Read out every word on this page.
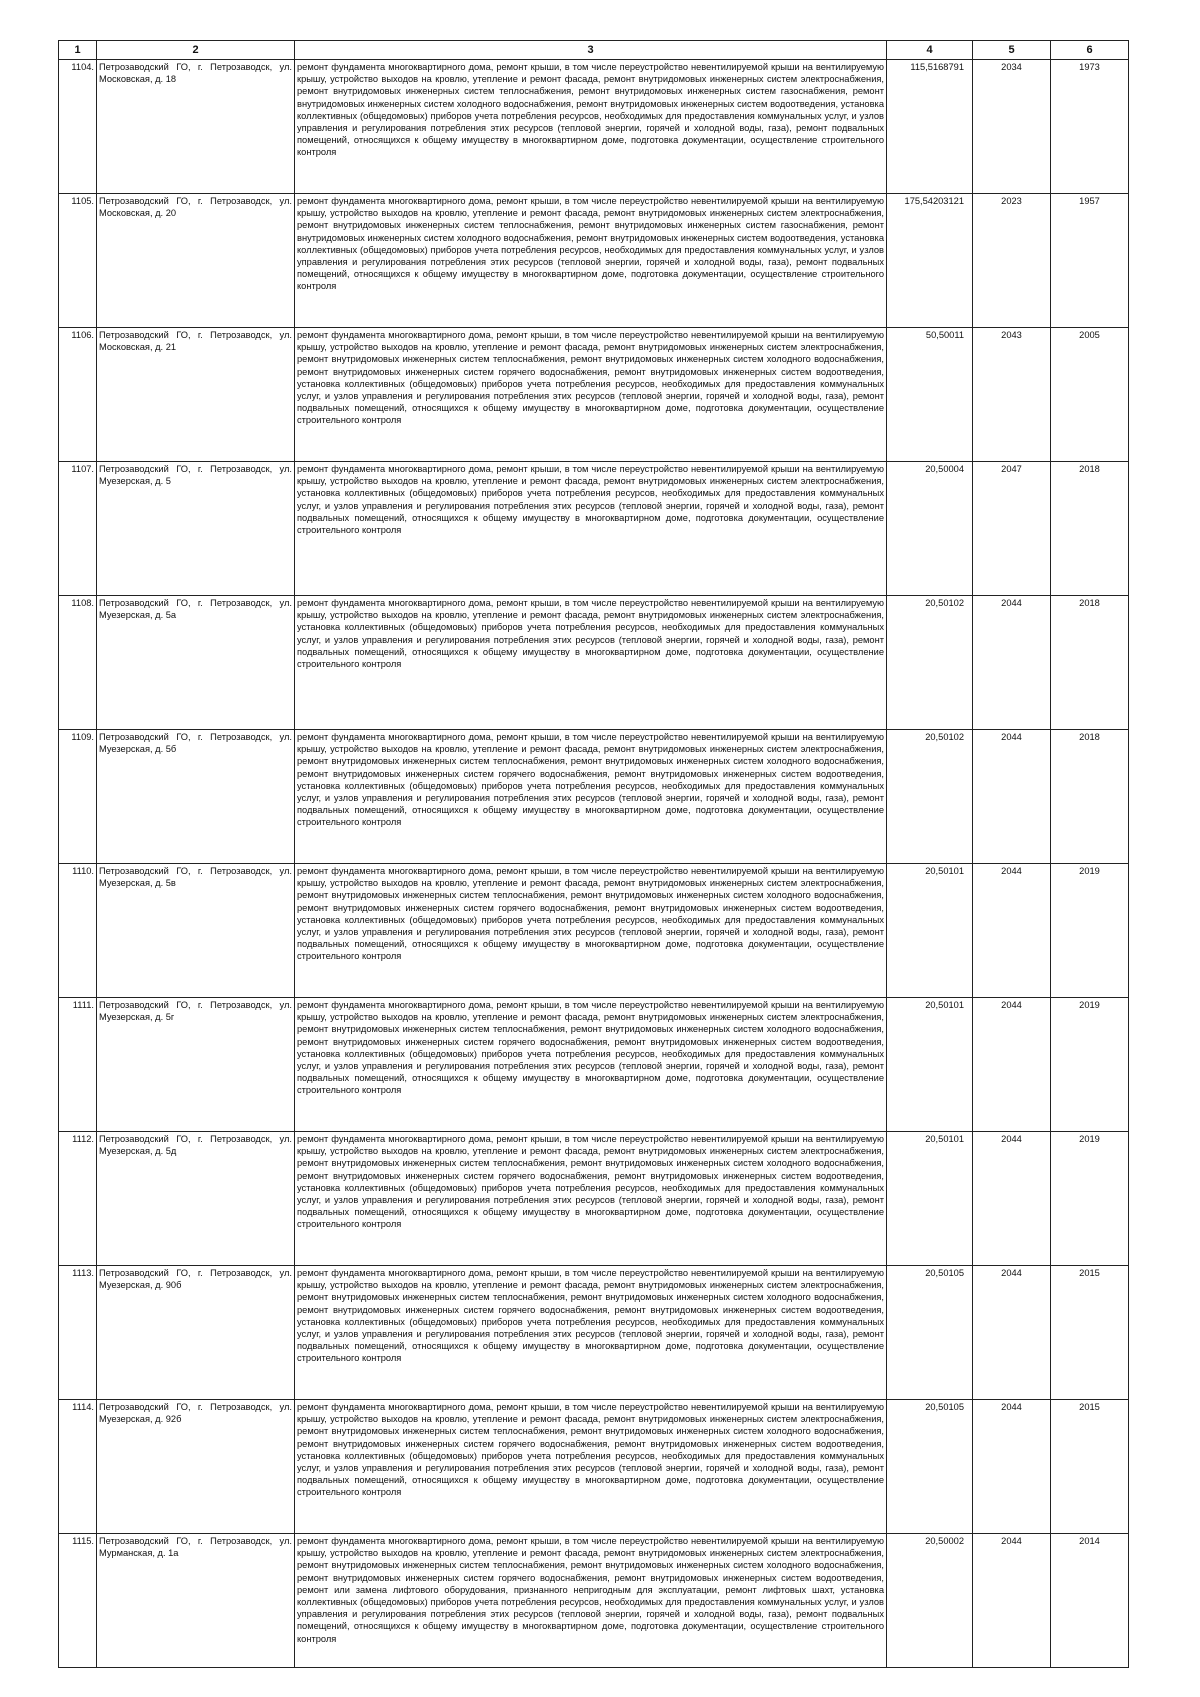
1	2	3	4	5	6
1104.	Петрозаводский ГО, г. Петрозаводск, ул. Московская, д. 18	ремонт фундамента многоквартирного дома, ремонт крыши, в том числе переустройство невентилируемой крыши на вентилируемую крышу, устройство выходов на кровлю, утепление и ремонт фасада, ремонт внутридомовых инженерных систем электроснабжения, ремонт внутридомовых инженерных систем теплоснабжения, ремонт внутридомовых инженерных систем газоснабжения, ремонт внутридомовых инженерных систем холодного водоснабжения, ремонт внутридомовых инженерных систем водоотведения, установка коллективных (общедомовых) приборов учета потребления ресурсов, необходимых для предоставления коммунальных услуг, и узлов управления и регулирования потребления этих ресурсов (тепловой энергии, горячей и холодной воды, газа), ремонт подвальных помещений, относящихся к общему имуществу в многоквартирном доме, подготовка документации, осуществление строительного контроля	115,5168791	2034	1973
1105.	Петрозаводский ГО, г. Петрозаводск, ул. Московская, д. 20	ремонт фундамента многоквартирного дома, ремонт крыши, в том числе переустройство невентилируемой крыши на вентилируемую крышу, устройство выходов на кровлю, утепление и ремонт фасада, ремонт внутридомовых инженерных систем электроснабжения, ремонт внутридомовых инженерных систем теплоснабжения, ремонт внутридомовых инженерных систем газоснабжения, ремонт внутридомовых инженерных систем холодного водоснабжения, ремонт внутридомовых инженерных систем водоотведения, установка коллективных (общедомовых) приборов учета потребления ресурсов, необходимых для предоставления коммунальных услуг, и узлов управления и регулирования потребления этих ресурсов (тепловой энергии, горячей и холодной воды, газа), ремонт подвальных помещений, относящихся к общему имуществу в многоквартирном доме, подготовка документации, осуществление строительного контроля	175,54203121	2023	1957
1106.	Петрозаводский ГО, г. Петрозаводск, ул. Московская, д. 21	ремонт фундамента многоквартирного дома, ремонт крыши, в том числе переустройство невентилируемой крыши на вентилируемую крышу, устройство выходов на кровлю, утепление и ремонт фасада, ремонт внутридомовых инженерных систем электроснабжения, ремонт внутридомовых инженерных систем теплоснабжения, ремонт внутридомовых инженерных систем холодного водоснабжения, ремонт внутридомовых инженерных систем горячего водоснабжения, ремонт внутридомовых инженерных систем водоотведения, установка коллективных (общедомовых) приборов учета потребления ресурсов, необходимых для предоставления коммунальных услуг, и узлов управления и регулирования потребления этих ресурсов (тепловой энергии, горячей и холодной воды, газа), ремонт подвальных помещений, относящихся к общему имуществу в многоквартирном доме, подготовка документации, осуществление строительного контроля	50,50011	2043	2005
1107.	Петрозаводский ГО, г. Петрозаводск, ул. Муезерская, д. 5	ремонт фундамента многоквартирного дома, ремонт крыши, в том числе переустройство невентилируемой крыши на вентилируемую крышу, устройство выходов на кровлю, утепление и ремонт фасада, ремонт внутридомовых инженерных систем электроснабжения, установка коллективных (общедомовых) приборов учета потребления ресурсов, необходимых для предоставления коммунальных услуг, и узлов управления и регулирования потребления этих ресурсов (тепловой энергии, горячей и холодной воды, газа), ремонт подвальных помещений, относящихся к общему имуществу в многоквартирном доме, подготовка документации, осуществление строительного контроля	20,50004	2047	2018
1108.	Петрозаводский ГО, г. Петрозаводск, ул. Муезерская, д. 5а	ремонт фундамента многоквартирного дома, ремонт крыши, в том числе переустройство невентилируемой крыши на вентилируемую крышу, устройство выходов на кровлю, утепление и ремонт фасада, ремонт внутридомовых инженерных систем электроснабжения, установка коллективных (общедомовых) приборов учета потребления ресурсов, необходимых для предоставления коммунальных услуг, и узлов управления и регулирования потребления этих ресурсов (тепловой энергии, горячей и холодной воды, газа), ремонт подвальных помещений, относящихся к общему имуществу в многоквартирном доме, подготовка документации, осуществление строительного контроля	20,50102	2044	2018
1109.	Петрозаводский ГО, г. Петрозаводск, ул. Муезерская, д. 5б	ремонт фундамента многоквартирного дома, ремонт крыши, в том числе переустройство невентилируемой крыши на вентилируемую крышу, устройство выходов на кровлю, утепление и ремонт фасада, ремонт внутридомовых инженерных систем электроснабжения, ремонт внутридомовых инженерных систем теплоснабжения, ремонт внутридомовых инженерных систем холодного водоснабжения, ремонт внутридомовых инженерных систем горячего водоснабжения, ремонт внутридомовых инженерных систем водоотведения, установка коллективных (общедомовых) приборов учета потребления ресурсов, необходимых для предоставления коммунальных услуг, и узлов управления и регулирования потребления этих ресурсов (тепловой энергии, горячей и холодной воды, газа), ремонт подвальных помещений, относящихся к общему имуществу в многоквартирном доме, подготовка документации, осуществление строительного контроля	20,50102	2044	2018
1110.	Петрозаводский ГО, г. Петрозаводск, ул. Муезерская, д. 5в	ремонт фундамента многоквартирного дома, ремонт крыши, в том числе переустройство невентилируемой крыши на вентилируемую крышу, устройство выходов на кровлю, утепление и ремонт фасада, ремонт внутридомовых инженерных систем электроснабжения, ремонт внутридомовых инженерных систем теплоснабжения, ремонт внутридомовых инженерных систем холодного водоснабжения, ремонт внутридомовых инженерных систем горячего водоснабжения, ремонт внутридомовых инженерных систем водоотведения, установка коллективных (общедомовых) приборов учета потребления ресурсов, необходимых для предоставления коммунальных услуг, и узлов управления и регулирования потребления этих ресурсов (тепловой энергии, горячей и холодной воды, газа), ремонт подвальных помещений, относящихся к общему имуществу в многоквартирном доме, подготовка документации, осуществление строительного контроля	20,50101	2044	2019
1111.	Петрозаводский ГО, г. Петрозаводск, ул. Муезерская, д. 5г	ремонт фундамента многоквартирного дома, ремонт крыши, в том числе переустройство невентилируемой крыши на вентилируемую крышу, устройство выходов на кровлю, утепление и ремонт фасада, ремонт внутридомовых инженерных систем электроснабжения, ремонт внутридомовых инженерных систем теплоснабжения, ремонт внутридомовых инженерных систем холодного водоснабжения, ремонт внутридомовых инженерных систем горячего водоснабжения, ремонт внутридомовых инженерных систем водоотведения, установка коллективных (общедомовых) приборов учета потребления ресурсов, необходимых для предоставления коммунальных услуг, и узлов управления и регулирования потребления этих ресурсов (тепловой энергии, горячей и холодной воды, газа), ремонт подвальных помещений, относящихся к общему имуществу в многоквартирном доме, подготовка документации, осуществление строительного контроля	20,50101	2044	2019
1112.	Петрозаводский ГО, г. Петрозаводск, ул. Муезерская, д. 5д	ремонт фундамента многоквартирного дома, ремонт крыши, в том числе переустройство невентилируемой крыши на вентилируемую крышу, устройство выходов на кровлю, утепление и ремонт фасада, ремонт внутридомовых инженерных систем электроснабжения, ремонт внутридомовых инженерных систем теплоснабжения, ремонт внутридомовых инженерных систем холодного водоснабжения, ремонт внутридомовых инженерных систем горячего водоснабжения, ремонт внутридомовых инженерных систем водоотведения, установка коллективных (общедомовых) приборов учета потребления ресурсов, необходимых для предоставления коммунальных услуг, и узлов управления и регулирования потребления этих ресурсов (тепловой энергии, горячей и холодной воды, газа), ремонт подвальных помещений, относящихся к общему имуществу в многоквартирном доме, подготовка документации, осуществление строительного контроля	20,50101	2044	2019
1113.	Петрозаводский ГО, г. Петрозаводск, ул. Муезерская, д. 90б	ремонт фундамента многоквартирного дома, ремонт крыши, в том числе переустройство невентилируемой крыши на вентилируемую крышу, устройство выходов на кровлю, утепление и ремонт фасада, ремонт внутридомовых инженерных систем электроснабжения, ремонт внутридомовых инженерных систем теплоснабжения, ремонт внутридомовых инженерных систем холодного водоснабжения, ремонт внутридомовых инженерных систем горячего водоснабжения, ремонт внутридомовых инженерных систем водоотведения, установка коллективных (общедомовых) приборов учета потребления ресурсов, необходимых для предоставления коммунальных услуг, и узлов управления и регулирования потребления этих ресурсов (тепловой энергии, горячей и холодной воды, газа), ремонт подвальных помещений, относящихся к общему имуществу в многоквартирном доме, подготовка документации, осуществление строительного контроля	20,50105	2044	2015
1114.	Петрозаводский ГО, г. Петрозаводск, ул. Муезерская, д. 92б	ремонт фундамента многоквартирного дома, ремонт крыши, в том числе переустройство невентилируемой крыши на вентилируемую крышу, устройство выходов на кровлю, утепление и ремонт фасада, ремонт внутридомовых инженерных систем электроснабжения, ремонт внутридомовых инженерных систем теплоснабжения, ремонт внутридомовых инженерных систем холодного водоснабжения, ремонт внутридомовых инженерных систем горячего водоснабжения, ремонт внутридомовых инженерных систем водоотведения, установка коллективных (общедомовых) приборов учета потребления ресурсов, необходимых для предоставления коммунальных услуг, и узлов управления и регулирования потребления этих ресурсов (тепловой энергии, горячей и холодной воды, газа), ремонт подвальных помещений, относящихся к общему имуществу в многоквартирном доме, подготовка документации, осуществление строительного контроля	20,50105	2044	2015
1115.	Петрозаводский ГО, г. Петрозаводск, ул. Мурманская, д. 1а	ремонт фундамента многоквартирного дома, ремонт крыши, в том числе переустройство невентилируемой крыши на вентилируемую крышу, устройство выходов на кровлю, утепление и ремонт фасада, ремонт внутридомовых инженерных систем электроснабжения, ремонт внутридомовых инженерных систем теплоснабжения, ремонт внутридомовых инженерных систем холодного водоснабжения, ремонт внутридомовых инженерных систем горячего водоснабжения, ремонт внутридомовых инженерных систем водоотведения, ремонт или замена лифтового оборудования, признанного непригодным для эксплуатации, ремонт лифтовых шахт, установка коллективных (общедомовых) приборов учета потребления ресурсов, необходимых для предоставления коммунальных услуг, и узлов управления и регулирования потребления этих ресурсов (тепловой энергии, горячей и холодной воды, газа), ремонт подвальных помещений, относящихся к общему имуществу в многоквартирном доме, подготовка документации, осуществление строительного контроля	20,50002	2044	2014
